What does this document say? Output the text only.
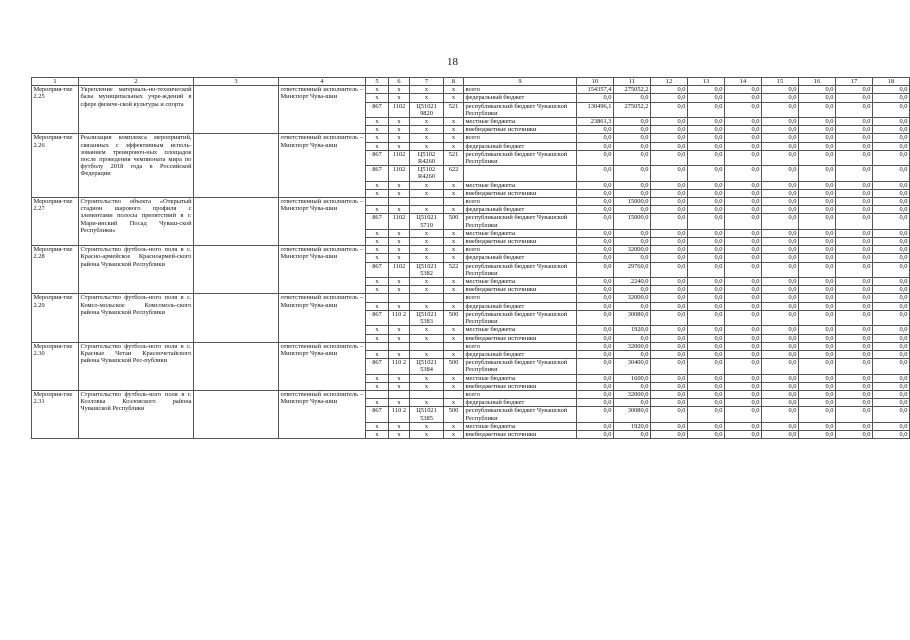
18
1	2	3	4	5	6	7	8	9	10	11	12	13	14	15	16	17	18
Мероприя-тие 2.25	Укрепление материаль-но-технической базы муниципальных учре-ждений в сфере физиче-ской культуры и спорта		ответственный исполнитель – Минспорт Чува-шии	х	х	х	х	всего	154357,4	275052,2	0,0	0,0	0,0	0,0	0,0	0,0	0,0
				х	х	х	х	федеральный бюджет	0,0	0,0	0,0	0,0	0,0	0,0	0,0	0,0	0,0
				867	1102	Ц51021 9820	521	республиканский бюджет Чувашской Республики	130496,1	275052,2	0,0	0,0	0,0	0,0	0,0	0,0	0,0
				х	х	х	х	местные бюджеты	23861,3	0,0	0,0	0,0	0,0	0,0	0,0	0,0	0,0
				х	х	х	х	внебюджетные источники	0,0	0,0	0,0	0,0	0,0	0,0	0,0	0,0	0,0
Мероприя-тие 2.26	Реализация комплекса мероприятий, связанных с эффективным исполь-зованием тренировоч-ных площадок после проведения чемпионата мира по футболу 2018 года в Российской Федерации		ответственный исполнитель – Минспорт Чува-шии	х	х	х	х	всего	0,0	0,0	0,0	0,0	0,0	0,0	0,0	0,0	0,0
				х	х	х	х	федеральный бюджет	0,0	0,0	0,0	0,0	0,0	0,0	0,0	0,0	0,0
				867	1102	Ц5102 R4260	521	республиканский бюджет Чувашской Республики	0,0	0,0	0,0	0,0	0,0	0,0	0,0	0,0	0,0
				867	1102	Ц5102 R4260	622		0,0	0,0	0,0	0,0	0,0	0,0	0,0	0,0	0,0
				х	х	х	х	местные бюджеты	0,0	0,0	0,0	0,0	0,0	0,0	0,0	0,0	0,0
				х	х	х	х	внебюджетные источники	0,0	0,0	0,0	0,0	0,0	0,0	0,0	0,0	0,0
Мероприя-тие 2.27	Строительство объекта «Открытый стадион шарового профиля с элементами полосы препятствий в г. Мари-инский Посад Чуваш-ской Республики»		ответственный исполнитель – Минспорт Чува-шии					всего	0,0	15000,0	0,0	0,0	0,0	0,0	0,0	0,0	0,0
				х	х	х	х	федеральный бюджет	0,0	0,0	0,0	0,0	0,0	0,0	0,0	0,0	0,0
				867	1102	Ц51021 5710	500	республиканский бюджет Чувашской Республики	0,0	15000,0	0,0	0,0	0,0	0,0	0,0	0,0	0,0
				х	х	х	х	местные бюджеты	0,0	0,0	0,0	0,0	0,0	0,0	0,0	0,0	0,0
				х	х	х	х	внебюджетные источники	0,0	0,0	0,0	0,0	0,0	0,0	0,0	0,0	0,0
Мероприя-тие 2.28	Строительство футболь-ного поля в с. Красно-армейское Красноармей-ского района Чувашской Республики		ответственный исполнитель – Минспорт Чува-шии	х	х	х	х	всего	0,0	32000,0	0,0	0,0	0,0	0,0	0,0	0,0	0,0
				х	х	х	х	федеральный бюджет	0,0	0,0	0,0	0,0	0,0	0,0	0,0	0,0	0,0
				867	1102	Ц51021 5382	522	республиканский бюджет Чувашской Республики	0,0	29760,0	0,0	0,0	0,0	0,0	0,0	0,0	0,0
				х	х	х	х	местные бюджеты	0,0	2240,0	0,0	0,0	0,0	0,0	0,0	0,0	0,0
				х	х	х	х	внебюджетные источники	0,0	0,0	0,0	0,0	0,0	0,0	0,0	0,0	0,0
Мероприя-тие 2.29	Строительство футболь-ного поля в с. Комсо-мольское Комсомоль-ского района Чувашской Республики		ответственный исполнитель – Минспорт Чува-шии					всего	0,0	32000,0	0,0	0,0	0,0	0,0	0,0	0,0	0,0
				х	х	х	х	федеральный бюджет	0,0	0,0	0,0	0,0	0,0	0,0	0,0	0,0	0,0
				867	110 2	Ц51021 5383	500	республиканский бюджет Чувашской Республики	0,0	30080,0	0,0	0,0	0,0	0,0	0,0	0,0	0,0
				х	х	х	х	местные бюджеты	0,0	1920,0	0,0	0,0	0,0	0,0	0,0	0,0	0,0
				х	х	х	х	внебюджетные источники	0,0	0,0	0,0	0,0	0,0	0,0	0,0	0,0	0,0
Мероприя-тие 2.30	Строительство футболь-ного поля в с. Красные Четаи Красночетайского района Чувашской Рес-публики		ответственный исполнитель – Минспорт Чува-шии					всего	0,0	32000,0	0,0	0,0	0,0	0,0	0,0	0,0	0,0
				х	х	х	х	федеральный бюджет	0,0	0,0	0,0	0,0	0,0	0,0	0,0	0,0	0,0
				867	110 2	Ц51021 5384	500	республиканский бюджет Чувашской Республики	0,0	30400,0	0,0	0,0	0,0	0,0	0,0	0,0	0,0
				х	х	х	х	местные бюджеты	0,0	1600,0	0,0	0,0	0,0	0,0	0,0	0,0	0,0
				х	х	х	х	внебюджетные источники	0,0	0,0	0,0	0,0	0,0	0,0	0,0	0,0	0,0
Мероприя-тие 2.31	Строительство футболь-ного поля в г. Козловка Козловского района Чувашской Республики		ответственный исполнитель – Минспорт Чува-шии					всего	0,0	32000,0	0,0	0,0	0,0	0,0	0,0	0,0	0,0
				х	х	х	х	федеральный бюджет	0,0	0,0	0,0	0,0	0,0	0,0	0,0	0,0	0,0
				867	110 2	Ц51021 5385	500	республиканский бюджет Чувашской Республики	0,0	30080,0	0,0	0,0	0,0	0,0	0,0	0,0	0,0
				х	х	х	х	местные бюджеты	0,0	1920,0	0,0	0,0	0,0	0,0	0,0	0,0	0,0
				х	х	х	х	внебюджетные источники	0,0	0,0	0,0	0,0	0,0	0,0	0,0	0,0	0,0
